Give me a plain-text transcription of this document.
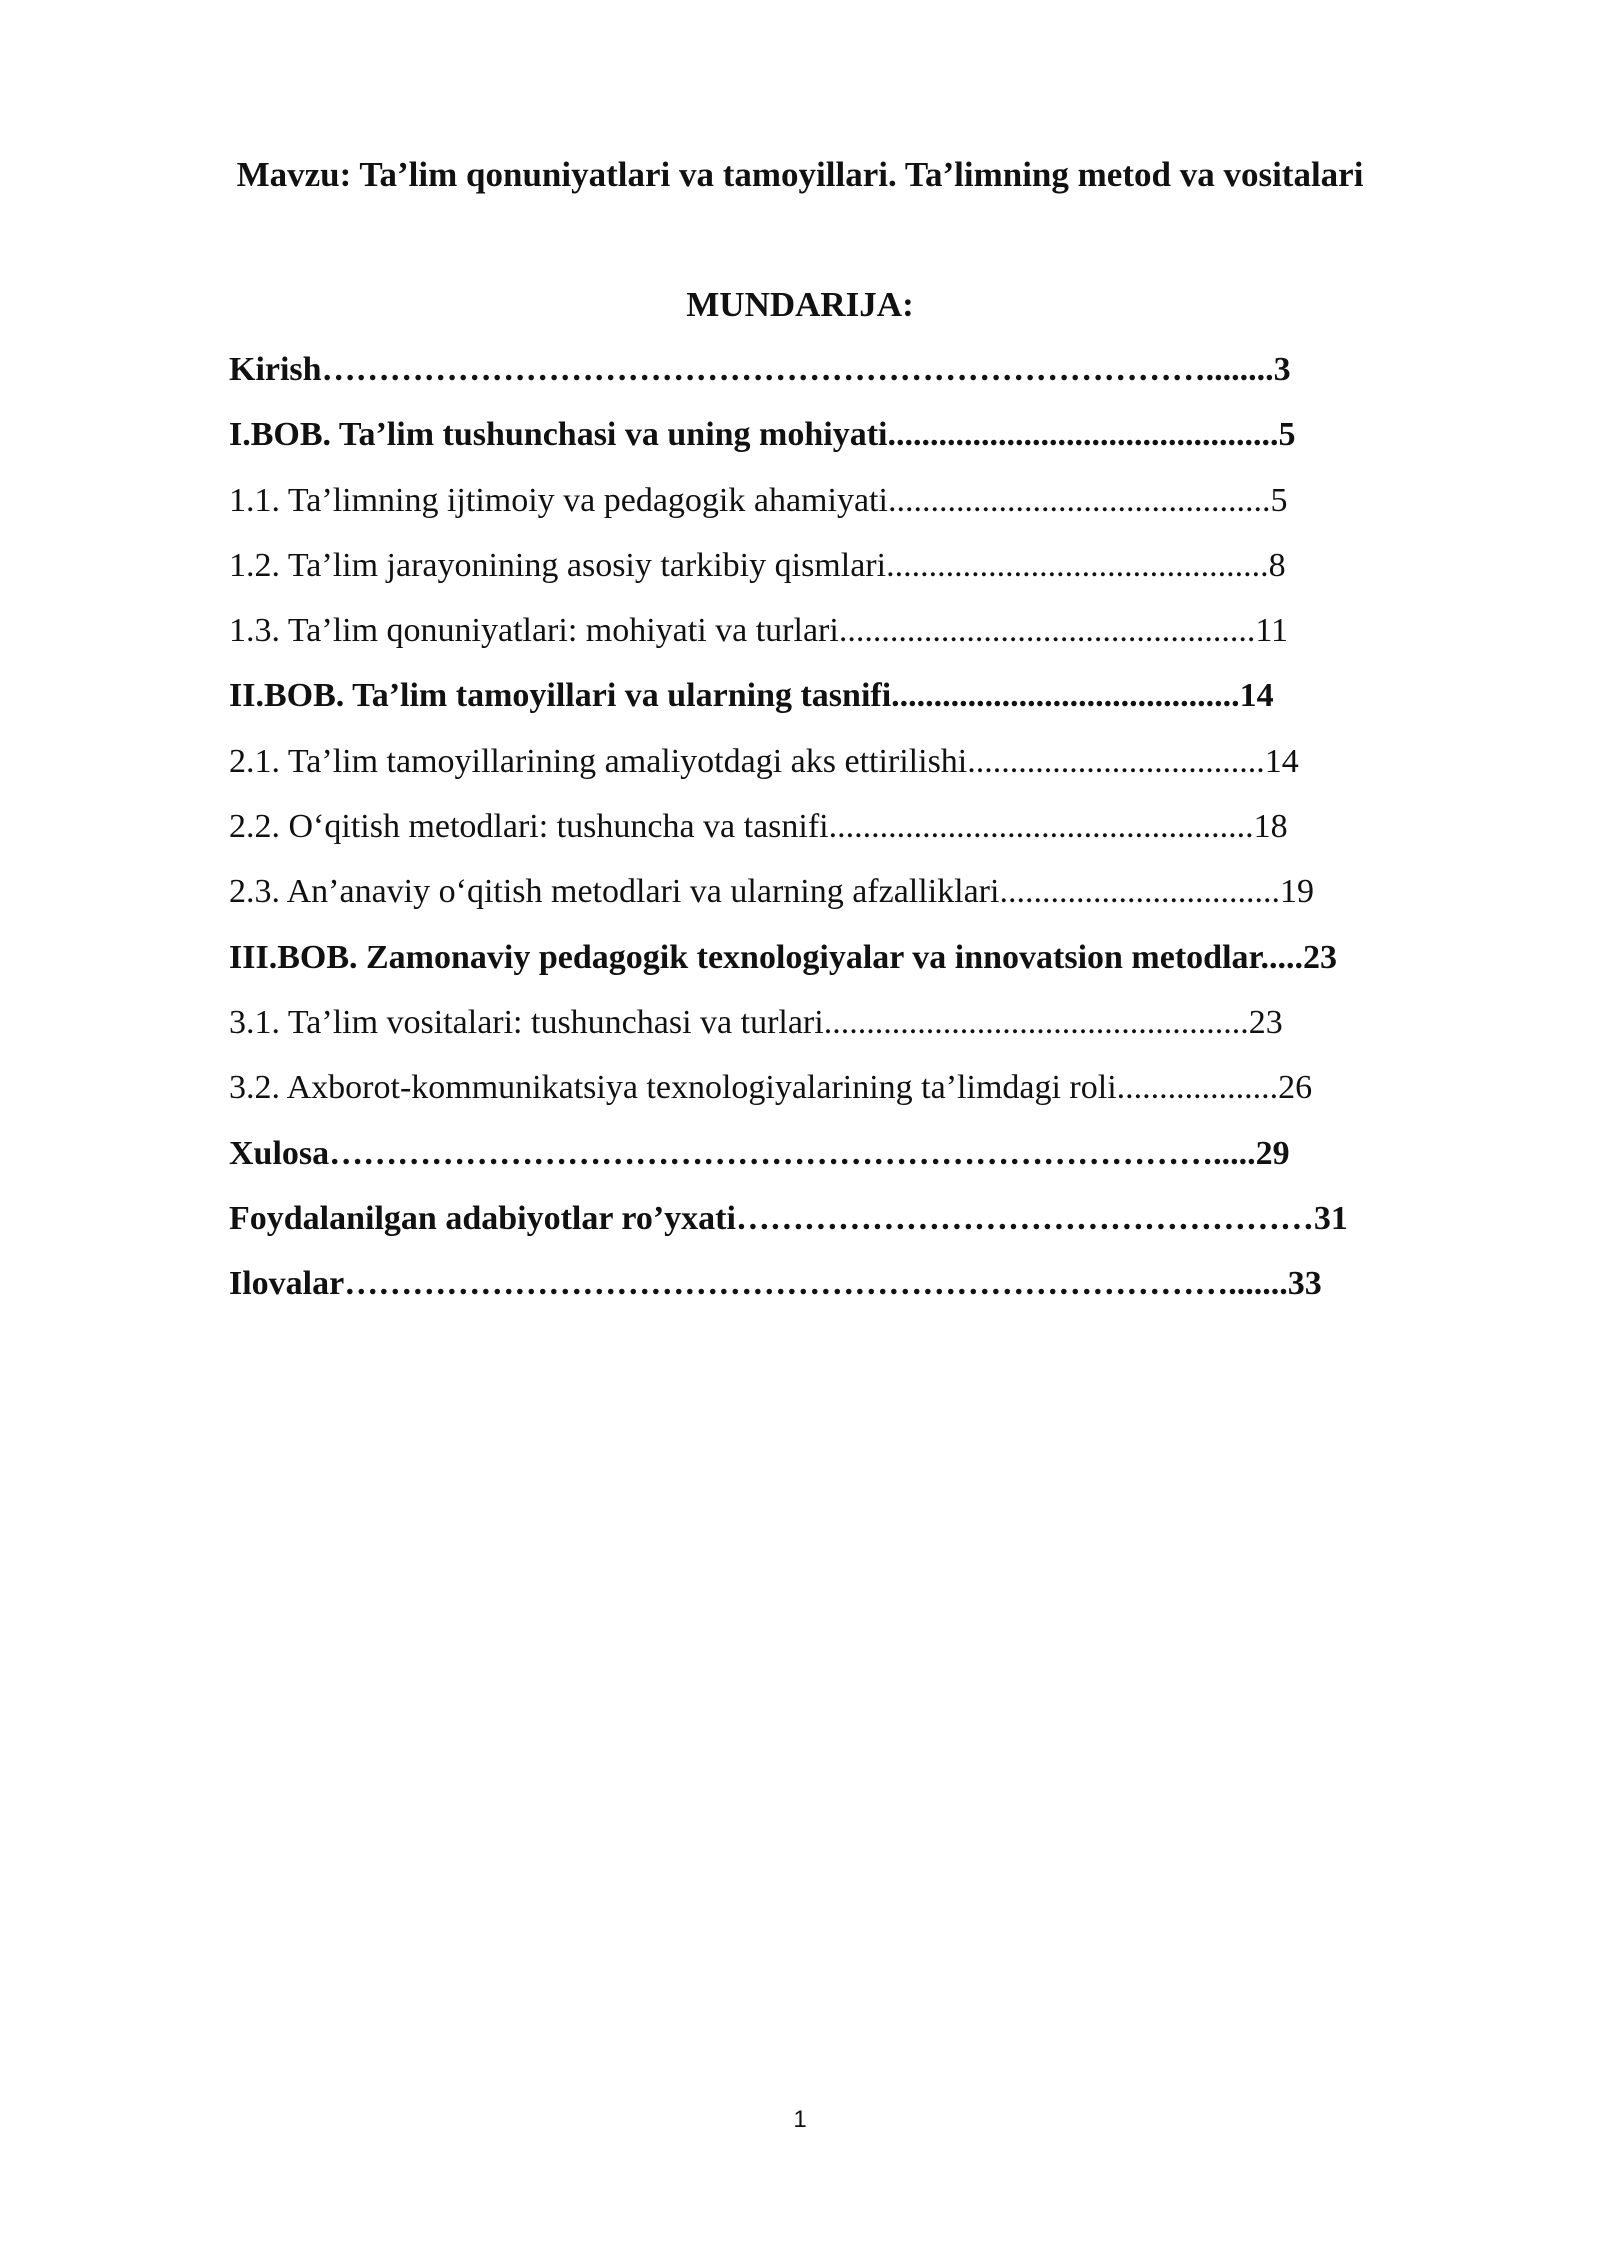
Mavzu: Ta’lim qonuniyatlari va tamoyillari. Ta’limning metod va vositalari
MUNDARIJA:
Kirish……………………………………………………………………........3
I.BOB. Ta’lim tushunchasi va uning mohiyati..............................................5
1.1. Ta’limning ijtimoiy va pedagogik ahamiyati.............................................5
1.2. Ta’lim jarayonining asosiy tarkibiy qismlari.............................................8
1.3. Ta’lim qonuniyatlari: mohiyati va turlari.................................................11
II.BOB. Ta’lim tamoyillari va ularning tasnifi.........................................14
2.1. Ta’lim tamoyillarining amaliyotdagi aks ettirilishi...................................14
2.2. O‘qitish metodlari: tushuncha va tasnifi..................................................18
2.3. An’anaviy o‘qitish metodlari va ularning afzalliklari.................................19
III.BOB. Zamonaviy pedagogik texnologiyalar va innovatsion metodlar.....23
3.1. Ta’lim vositalari: tushunchasi va turlari..................................................23
3.2. Axborot-kommunikatsiya texnologiyalarining ta’limdagi roli...................26
Xulosa…………………………………………………………………….....29
Foydalanilgan adabiyotlar ro’yxati……………………………………………31
Ilovalar…………………………………………………………………….......33
1
